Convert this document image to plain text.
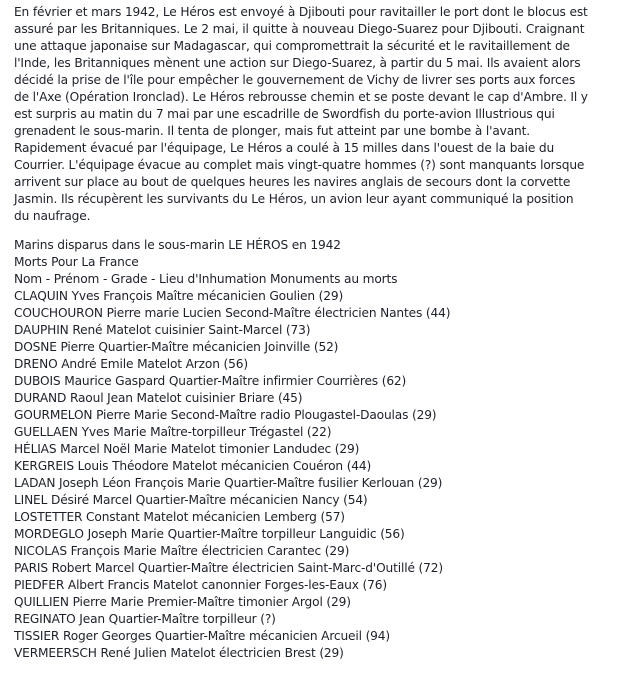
En février et mars 1942, Le Héros est envoyé à Djibouti pour ravitailler le port dont le blocus est
assuré par les Britanniques. Le 2 mai, il quitte à nouveau Diego-Suarez pour Djibouti. Craignant
une attaque japonaise sur Madagascar, qui compromettrait la sécurité et le ravitaillement de
l'Inde, les Britanniques mènent une action sur Diego-Suarez, à partir du 5 mai. Ils avaient alors
décidé la prise de l'île pour empêcher le gouvernement de Vichy de livrer ses ports aux forces
de l'Axe (Opération Ironclad). Le Héros rebrousse chemin et se poste devant le cap d'Ambre. Il y
est surpris au matin du 7 mai par une escadrille de Swordfish du porte-avion Illustrious qui
grenadent le sous-marin. Il tenta de plonger, mais fut atteint par une bombe à l'avant.
Rapidement évacué par l'équipage, Le Héros a coulé à 15 milles dans l'ouest de la baie du
Courrier. L'équipage évacue au complet mais vingt-quatre hommes (?) sont manquants lorsque
arrivent sur place au bout de quelques heures les navires anglais de secours dont la corvette
Jasmin. Ils récupèrent les survivants du Le Héros, un avion leur ayant communiqué la position
du naufrage.
Marins disparus dans le sous-marin LE HÉROS en 1942
Morts Pour La France
Nom - Prénom - Grade - Lieu d'Inhumation Monuments au morts
CLAQUIN Yves François Maître mécanicien Goulien (29)
COUCHOURON Pierre marie Lucien Second-Maître électricien Nantes (44)
DAUPHIN René Matelot cuisinier Saint-Marcel (73)
DOSNE Pierre Quartier-Maître mécanicien Joinville (52)
DRENO André Emile Matelot Arzon (56)
DUBOIS Maurice Gaspard Quartier-Maître infirmier Courrières (62)
DURAND Raoul Jean Matelot cuisinier Briare (45)
GOURMELON Pierre Marie Second-Maître radio Plougastel-Daoulas (29)
GUELLAEN Yves Marie Maître-torpilleur Trégastel (22)
HÉLIAS Marcel Noël Marie Matelot timonier Landudec (29)
KERGREIS Louis Théodore Matelot mécanicien Couéron (44)
LADAN Joseph Léon François Marie Quartier-Maître fusilier Kerlouan (29)
LINEL Désiré Marcel Quartier-Maître mécanicien Nancy (54)
LOSTETTER Constant Matelot mécanicien Lemberg (57)
MORDEGLO Joseph Marie Quartier-Maître torpilleur Languidic (56)
NICOLAS François Marie Maître électricien Carantec (29)
PARIS Robert Marcel Quartier-Maître électricien Saint-Marc-d'Outillé (72)
PIEDFER Albert Francis Matelot canonnier Forges-les-Eaux (76)
QUILLIEN Pierre Marie Premier-Maître timonier Argol (29)
REGINATO Jean Quartier-Maître torpilleur (?)
TISSIER Roger Georges Quartier-Maître mécanicien Arcueil (94)
VERMEERSCH René Julien Matelot électricien Brest (29)
